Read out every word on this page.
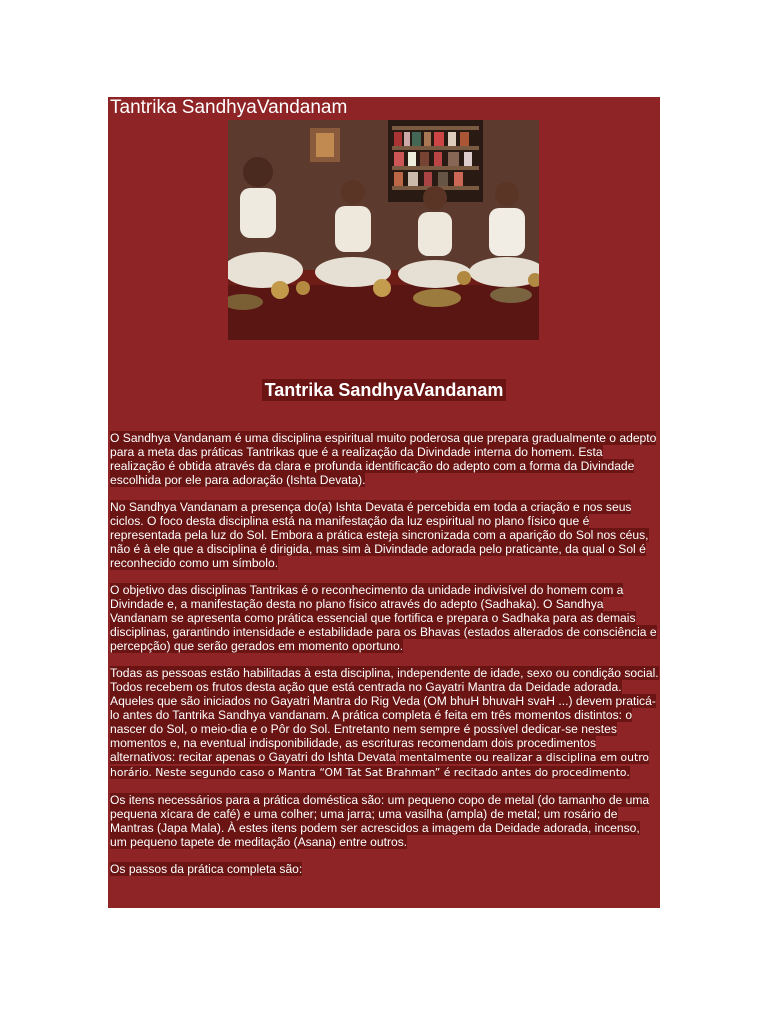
Tantrika SandhyaVandanam
Tantrika SandhyaVandanam

O Sandhya Vandanam é uma disciplina espiritual muito poderosa que prepara gradualmente o adepto para a meta das práticas Tantrikas que é a realização da Divindade interna do homem. Esta realização é obtida através da clara e profunda identificação do adepto com a forma da Divindade escolhida por ele para adoração (Ishta Devata).

No Sandhya Vandanam a presença do(a) Ishta Devata é percebida em toda a criação e nos seus ciclos. O foco desta disciplina está na manifestação da luz espiritual no plano físico que é representada pela luz do Sol. Embora a prática esteja sincronizada com a aparição do Sol nos céus, não é à ele que a disciplina é dirigida, mas sim à Divindade adorada pelo praticante, da qual o Sol é reconhecido como um símbolo.

O objetivo das disciplinas Tantrikas é o reconhecimento da unidade indivisível do homem com a Divindade e, a manifestação desta no plano físico através do adepto (Sadhaka). O Sandhya Vandanam se apresenta como prática essencial que fortifica e prepara o Sadhaka para as demais disciplinas, garantindo intensidade e estabilidade para os Bhavas (estados alterados de consciência e percepção) que serão gerados em momento oportuno.

Todas as pessoas estão habilitadas à esta disciplina, independente de idade, sexo ou condição social. Todos recebem os frutos desta ação que está centrada no Gayatri Mantra da Deidade adorada. Aqueles que são iniciados no Gayatri Mantra do Rig Veda (OM bhuH bhuvaH svaH ...) devem praticá-lo antes do Tantrika Sandhya vandanam. A prática completa é feita em três momentos distintos: o nascer do Sol, o meio-dia e o Pôr do Sol. Entretanto nem sempre é possível dedicar-se nestes momentos e, na eventual indisponibilidade, as escrituras recomendam dois procedimentos alternativos: recitar apenas o Gayatri do Ishta Devata mentalmente ou realizar a disciplina em outro horário. Neste segundo caso o Mantra “OM Tat Sat Brahman” é recitado antes do procedimento.

Os itens necessários para a prática doméstica são: um pequeno copo de metal (do tamanho de uma pequena xícara de café) e uma colher; uma jarra; uma vasilha (ampla) de metal; um rosário de Mantras (Japa Mala). À estes itens podem ser acrescidos a imagem da Deidade adorada, incenso, um pequeno tapete de meditação (Asana) entre outros.

Os passos da prática completa são:
